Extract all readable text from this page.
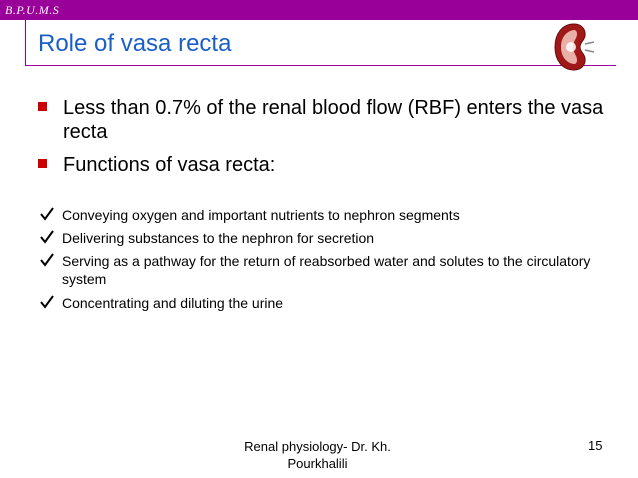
B.P.U.M.S
Role of vasa recta
Less than 0.7% of the renal blood flow (RBF) enters the vasa recta
Functions of vasa recta:
Conveying oxygen and important nutrients to nephron segments
Delivering substances to the nephron for secretion
Serving as a pathway for the return of reabsorbed water and solutes to the circulatory system
Concentrating and diluting the urine
Renal physiology- Dr. Kh. Pourkhalili
15
